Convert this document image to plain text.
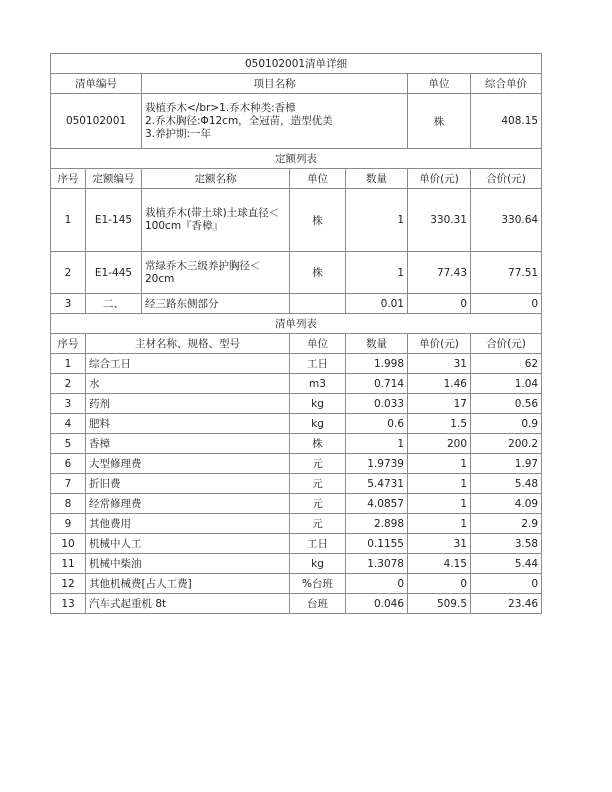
050102001清单详细						
清单编号		项目名称			单位	综合单价
050102001		栽植乔木</br>1.乔木种类:香樟
2.乔木胸径:Φ12cm，全冠苗，造型优美
3.养护期:一年			株	408.15
定额列表						
序号	定额编号	定额名称	单位	数量	单价(元)	合价(元)
1	E1-145	栽植乔木(带土球)土球直径＜100cm『香樟』	株	1	330.31	330.64
2	E1-445	常绿乔木三级养护胸径＜20cm	株	1	77.43	77.51
3	二、	经三路东侧部分		0.01	0	0
清单列表						
序号	主材名称、规格、型号		单位	数量	单价(元)	合价(元)
1	综合工日		工日	1.998	31	62
2	水		m3	0.714	1.46	1.04
3	药剂		kg	0.033	17	0.56
4	肥料		kg	0.6	1.5	0.9
5	香樟		株	1	200	200.2
6	大型修理费		元	1.9739	1	1.97
7	折旧费		元	5.4731	1	5.48
8	经常修理费		元	4.0857	1	4.09
9	其他费用		元	2.898	1	2.9
10	机械中人工		工日	0.1155	31	3.58
11	机械中柴油		kg	1.3078	4.15	5.44
12	其他机械费[占人工费]		%台班	0	0	0
13	汽车式起重机 8t		台班	0.046	509.5	23.46
